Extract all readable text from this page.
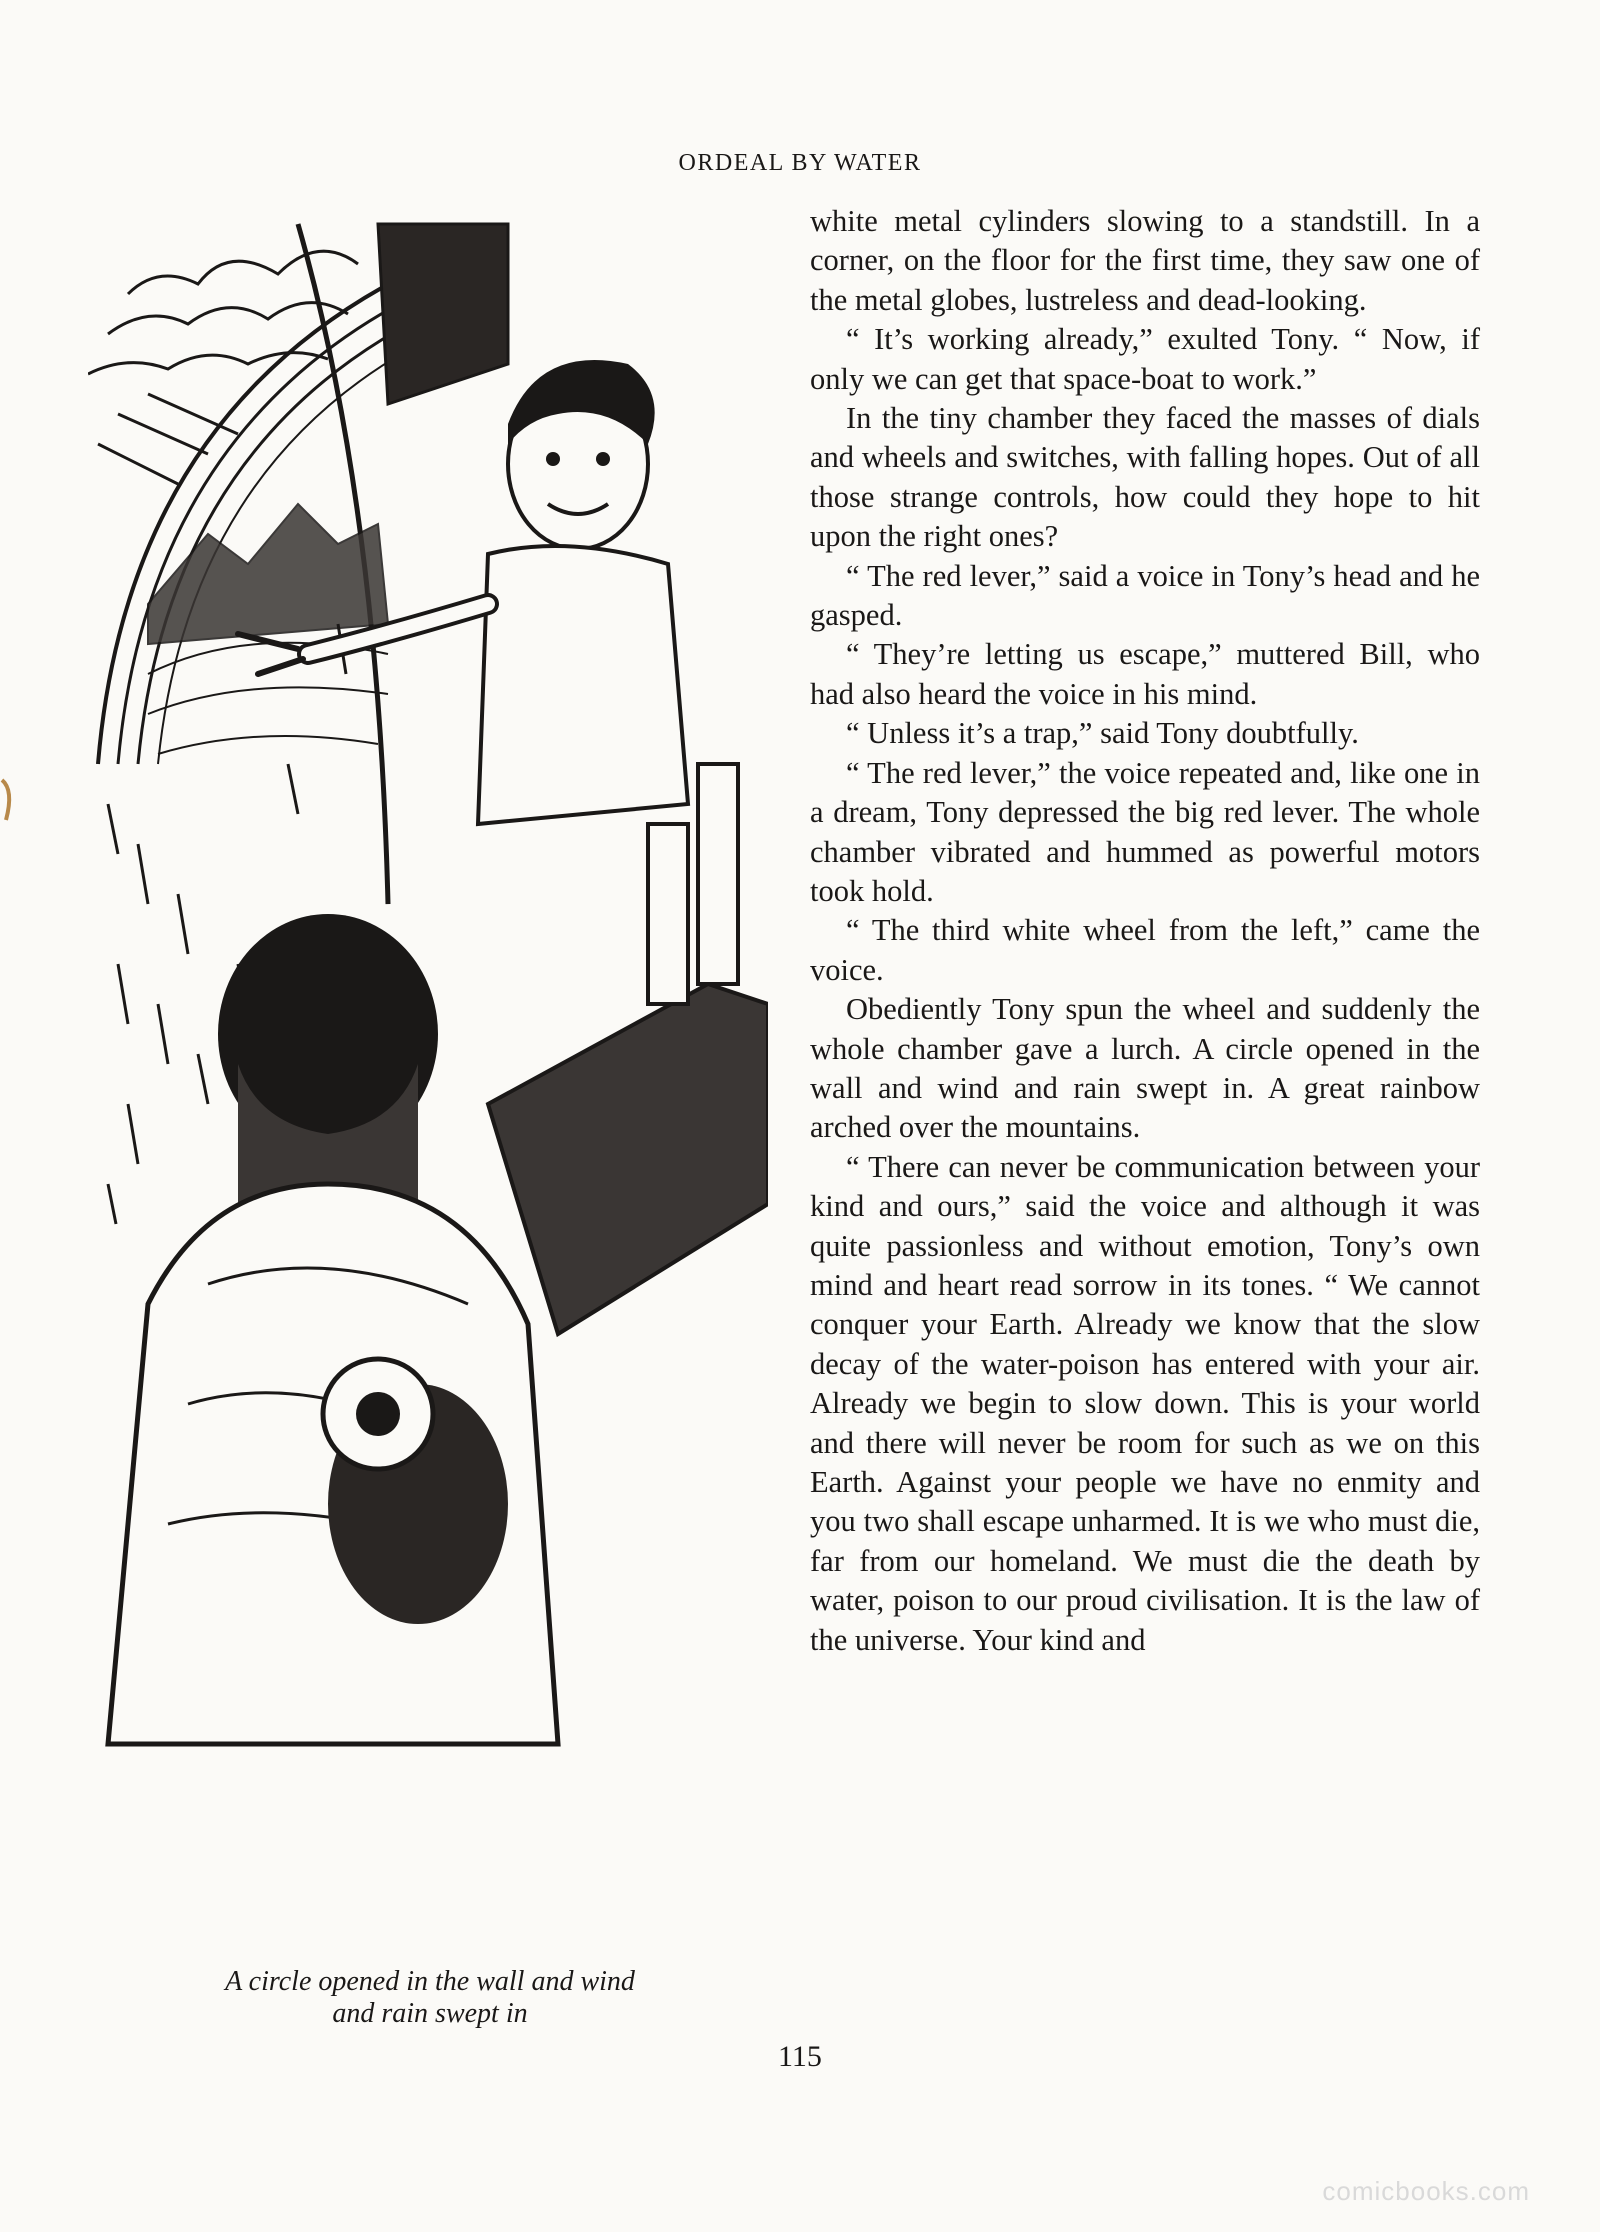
ORDEAL BY WATER
A circle opened in the wall and wind
and rain swept in

white metal cylinders slowing to a standstill. In a corner, on the floor for the first time, they saw one of the metal globes, lustreless and dead-looking.

“ It’s working already,” exulted Tony. “ Now, if only we can get that space-boat to work.”

In the tiny chamber they faced the masses of dials and wheels and switches, with falling hopes. Out of all those strange controls, how could they hope to hit upon the right ones?

“ The red lever,” said a voice in Tony’s head and he gasped.

“ They’re letting us escape,” muttered Bill, who had also heard the voice in his mind.

“ Unless it’s a trap,” said Tony doubtfully.

“ The red lever,” the voice repeated and, like one in a dream, Tony depressed the big red lever. The whole chamber vibrated and hummed as powerful motors took hold.

“ The third white wheel from the left,” came the voice.

Obediently Tony spun the wheel and suddenly the whole chamber gave a lurch. A circle opened in the wall and wind and rain swept in. A great rainbow arched over the mountains.

“ There can never be communication between your kind and ours,” said the voice and although it was quite passionless and without emotion, Tony’s own mind and heart read sorrow in its tones. “ We cannot conquer your Earth. Already we know that the slow decay of the water-poison has entered with your air. Already we begin to slow down. This is your world and there will never be room for such as we on this Earth. Against your people we have no enmity and you two shall escape unharmed. It is we who must die, far from our homeland. We must die the death by water, poison to our proud civilisation. It is the law of the universe. Your kind and

115
comicbooks.com
